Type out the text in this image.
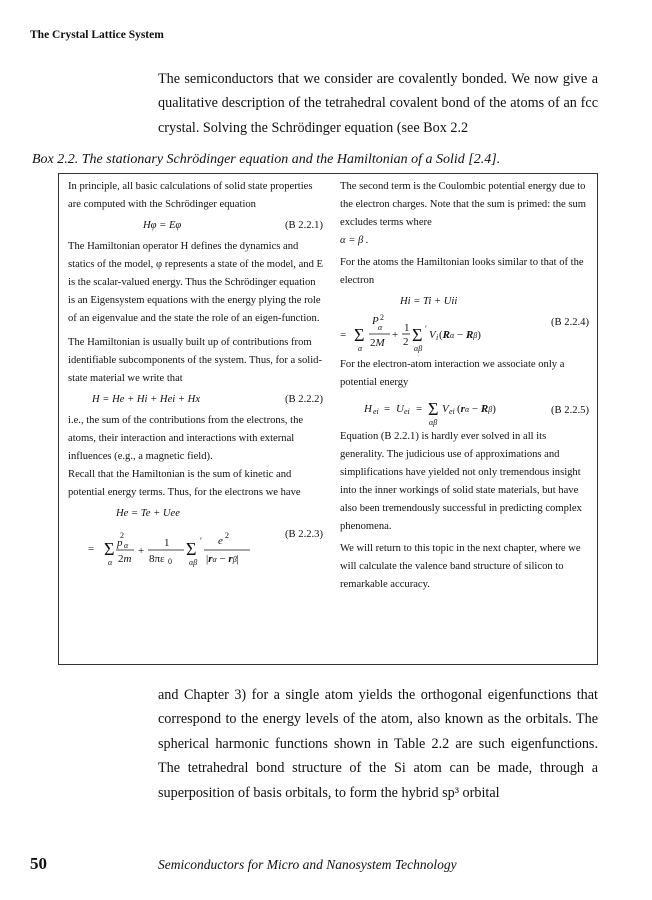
The Crystal Lattice System
The semiconductors that we consider are covalently bonded. We now give a qualitative description of the tetrahedral covalent bond of the atoms of an fcc crystal. Solving the Schrödinger equation (see Box 2.2
Box 2.2. The stationary Schrödinger equation and the Hamiltonian of a Solid [2.4].

In principle, all basic calculations of solid state properties are computed with the Schrödinger equation

Hφ = Eφ	(B 2.2.1)

The Hamiltonian operator H defines the dynamics and statics of the model, φ represents a state of the model, and E is the scalar-valued energy. Thus the Schrödinger equation is an Eigensystem equations with the energy plying the role of an eigenvalue and the state the role of an eigen-function.

The Hamiltonian is usually built up of contributions from identifiable subcomponents of the system. Thus, for a solid-state material we write that

H = He + Hi + Hei + Hx	(B 2.2.2)

i.e., the sum of the contributions from the electrons, the atoms, their interaction and interactions with external influences (e.g., a magnetic field).

Recall that the Hamiltonian is the sum of kinetic and potential energy terms. Thus, for the electrons we have

He = Te + Uee
= Σ
α
2
p α
2m
+
1
8πε 0
Σ
αβ
′ e 2
|rα − rβ|
(B 2.2.3)

The second term is the Coulombic potential energy due to the electron charges. Note that the sum is primed: the sum excludes terms where

α = β .

For the atoms the Hamiltonian looks similar to that of the electron

Hi = Ti + Uii
= Σ
α
P 2
α
2M
+
1
2 Σ
αβ
′ V i (Rα − Rβ)
(B 2.2.4)

For the electron-atom interaction we associate only a potential energy

H ei = U ei = Σ
αβ
V ei (rα − Rβ)	(B 2.2.5)

Equation (B 2.2.1) is hardly ever solved in all its generality. The judicious use of approximations and simplifications have yielded not only tremendous insight into the inner workings of solid state materials, but have also been tremendously successful in predicting complex phenomena.

We will return to this topic in the next chapter, where we will calculate the valence band structure of silicon to remarkable accuracy.

and Chapter 3) for a single atom yields the orthogonal eigenfunctions that correspond to the energy levels of the atom, also known as the orbitals. The spherical harmonic functions shown in Table 2.2 are such eigenfunctions. The tetrahedral bond structure of the Si atom can be made, through a superposition of basis orbitals, to form the hybrid sp³ orbital
50	Semiconductors for Micro and Nanosystem Technology
